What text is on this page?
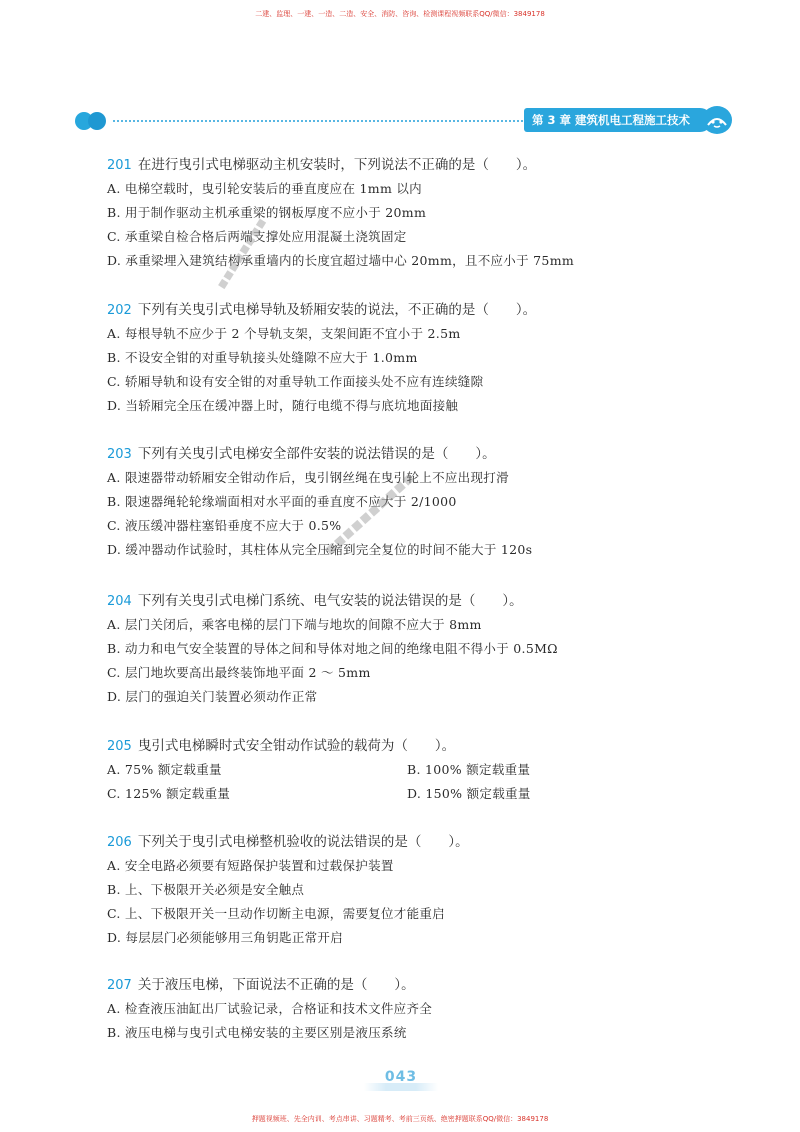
二建、监理、一建、一造、二造、安全、消防、咨询、检测课程视频联系QQ/微信：3849178
第 3 章 建筑机电工程施工技术
201 在进行曳引式电梯驱动主机安装时，下列说法不正确的是（　　）。
A. 电梯空载时，曳引轮安装后的垂直度应在 1mm 以内
B. 用于制作驱动主机承重梁的钢板厚度不应小于 20mm
C. 承重梁自检合格后两端支撑处应用混凝土浇筑固定
D. 承重梁埋入建筑结构承重墙内的长度宜超过墙中心 20mm，且不应小于 75mm
202 下列有关曳引式电梯导轨及轿厢安装的说法，不正确的是（　　）。
A. 每根导轨不应少于 2 个导轨支架，支架间距不宜小于 2.5m
B. 不设安全钳的对重导轨接头处缝隙不应大于 1.0mm
C. 轿厢导轨和设有安全钳的对重导轨工作面接头处不应有连续缝隙
D. 当轿厢完全压在缓冲器上时，随行电缆不得与底坑地面接触
203 下列有关曳引式电梯安全部件安装的说法错误的是（　　）。
A. 限速器带动轿厢安全钳动作后，曳引钢丝绳在曳引轮上不应出现打滑
B. 限速器绳轮轮缘端面相对水平面的垂直度不应大于 2/1000
C. 液压缓冲器柱塞铅垂度不应大于 0.5%
D. 缓冲器动作试验时，其柱体从完全压缩到完全复位的时间不能大于 120s
204 下列有关曳引式电梯门系统、电气安装的说法错误的是（　　）。
A. 层门关闭后，乘客电梯的层门下端与地坎的间隙不应大于 8mm
B. 动力和电气安全装置的导体之间和导体对地之间的绝缘电阻不得小于 0.5MΩ
C. 层门地坎要高出最终装饰地平面 2 ～ 5mm
D. 层门的强迫关门装置必须动作正常
205 曳引式电梯瞬时式安全钳动作试验的载荷为（　　）。
A. 75% 额定载重量	B. 100% 额定载重量
C. 125% 额定载重量	D. 150% 额定载重量
206 下列关于曳引式电梯整机验收的说法错误的是（　　）。
A. 安全电路必须要有短路保护装置和过载保护装置
B. 上、下极限开关必须是安全触点
C. 上、下极限开关一旦动作切断主电源，需要复位才能重启
D. 每层层门必须能够用三角钥匙正常开启
207 关于液压电梯，下面说法不正确的是（　　）。
A. 检查液压油缸出厂试验记录，合格证和技术文件应齐全
B. 液压电梯与曳引式电梯安装的主要区别是液压系统
▪▪▪▪▪▪▪▪
▪▪▪▪▪▪▪▪▪▪
043
押题视频班、先全内训、考点串讲、习题精考、考前三页纸、绝密押题联系QQ/微信：3849178
